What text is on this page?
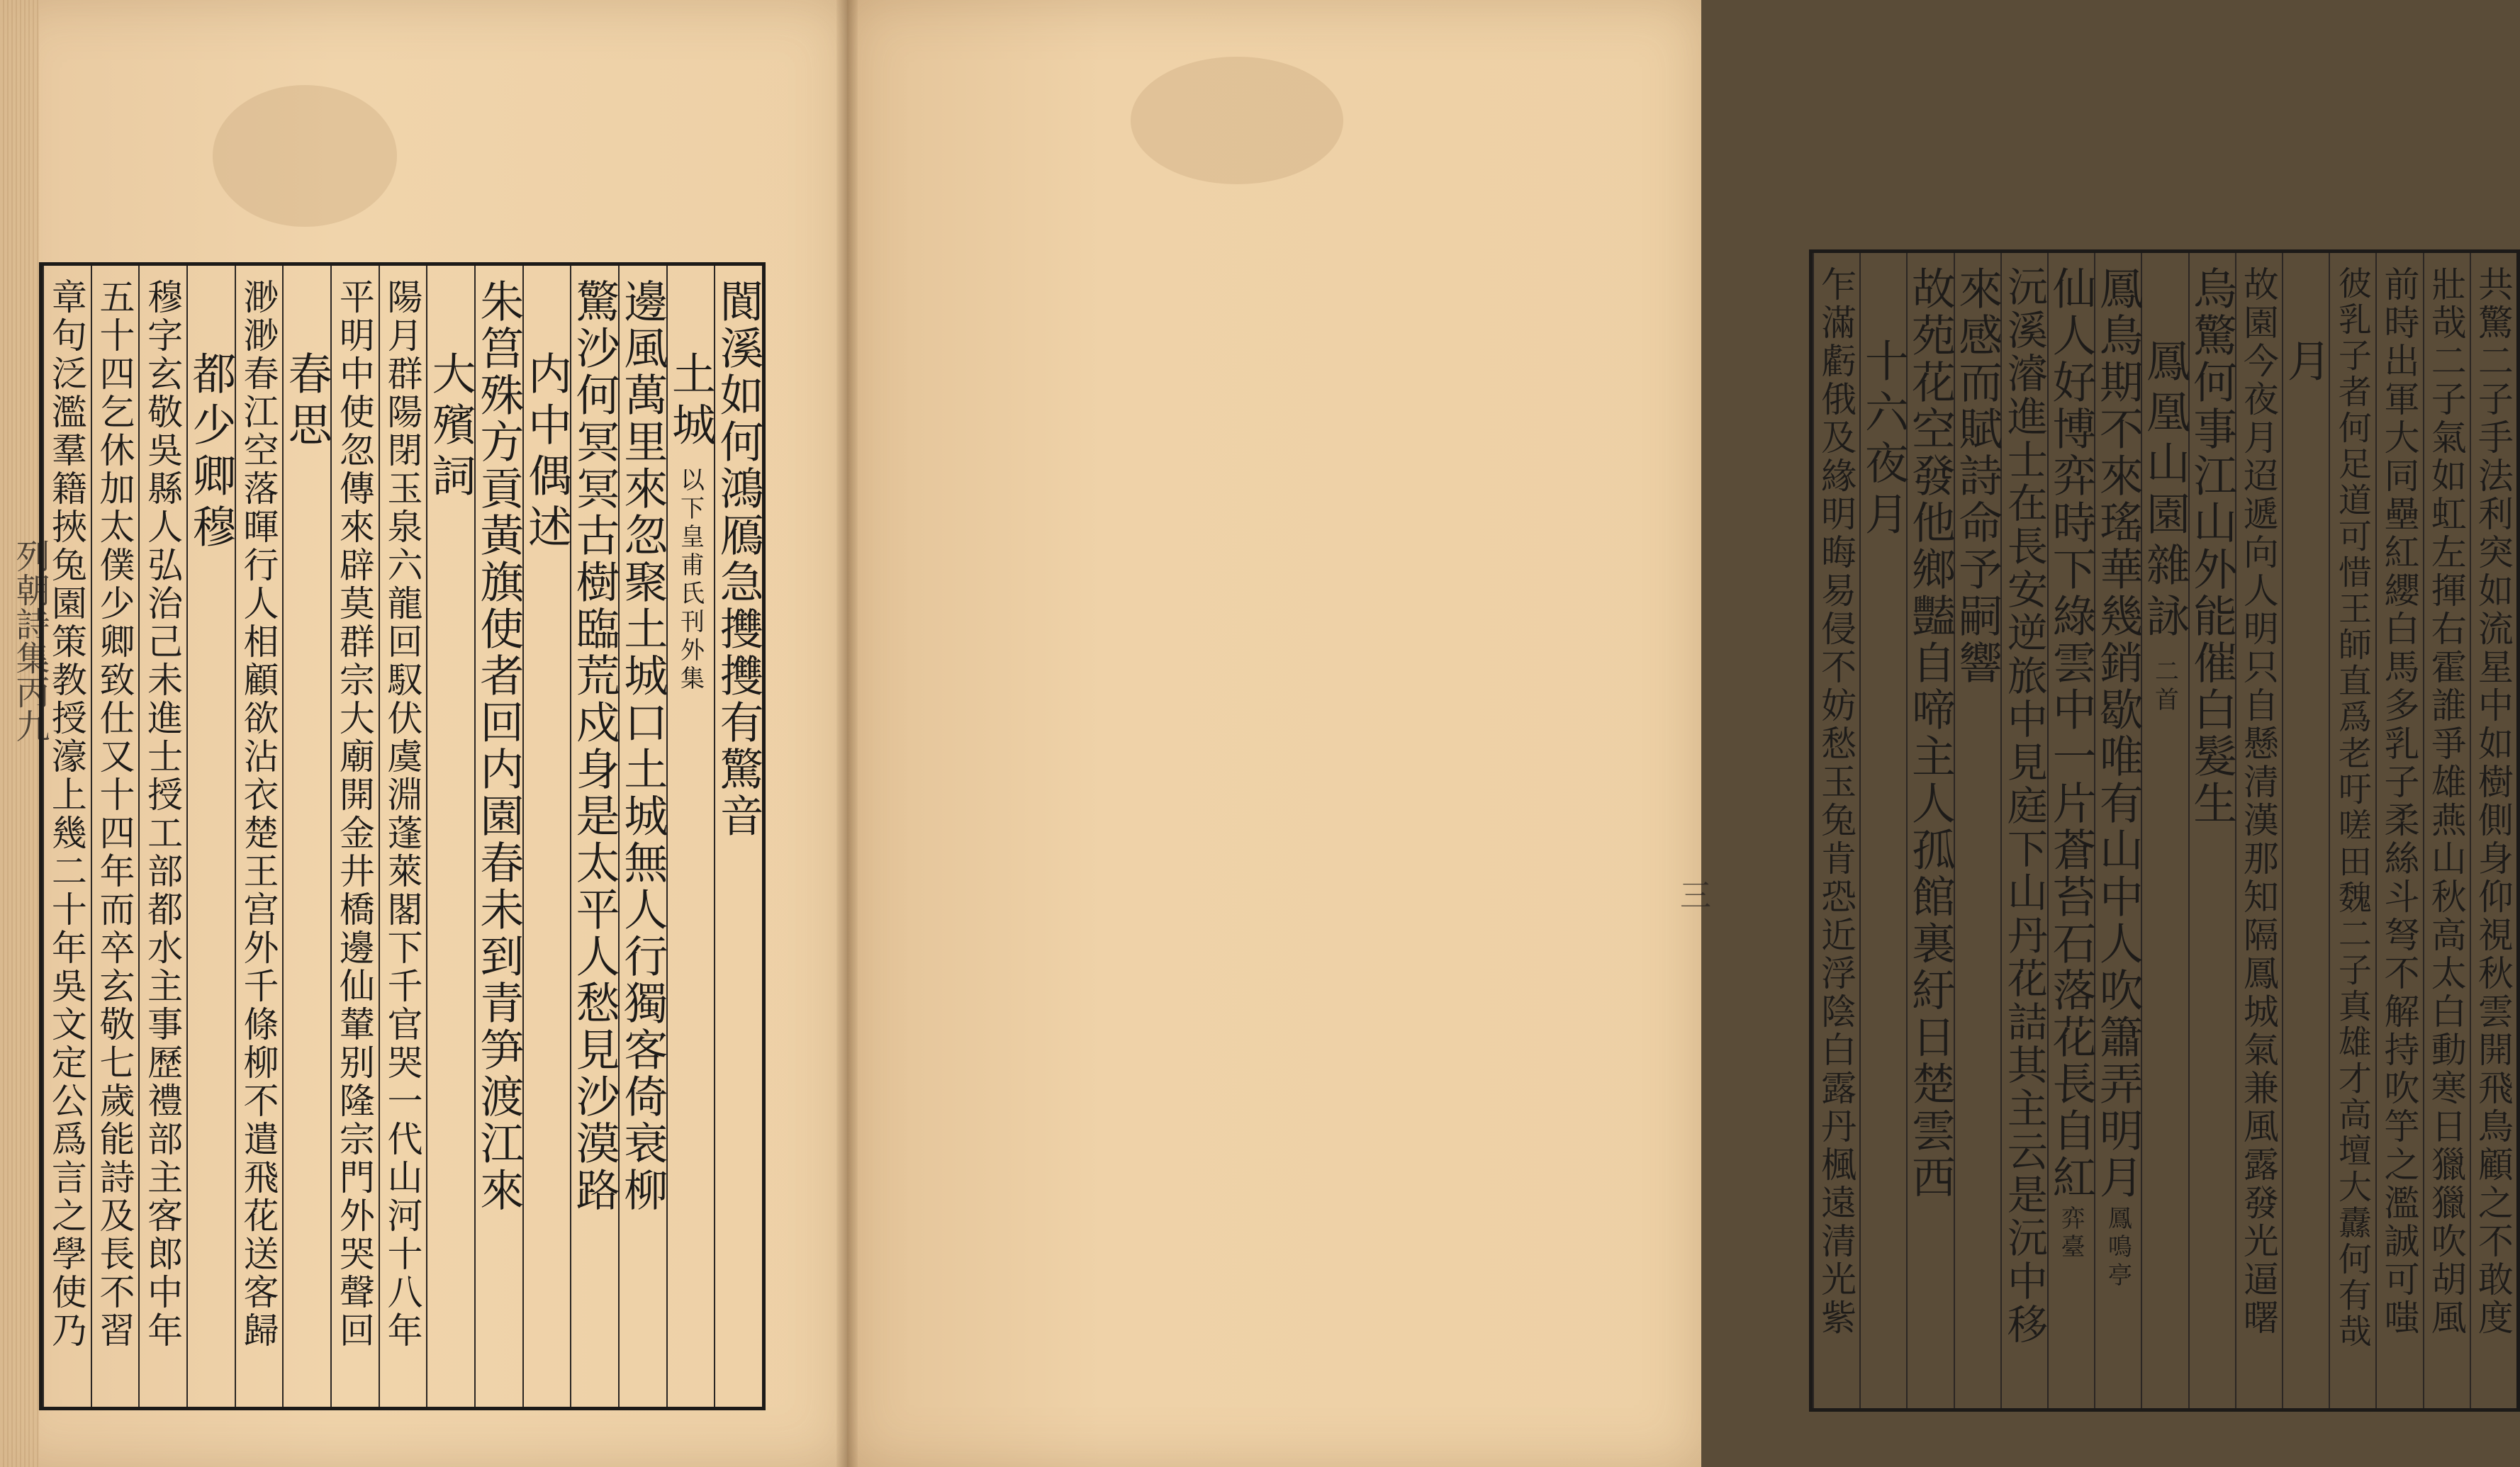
列朝詩集丙九	閬溪如何鴻鴈急㩳㩳有驚音
土城
以下皇甫氏刊外集
邊風萬里來忽聚土城口土城無人行獨客倚衰柳
驚沙何冥冥古樹臨荒戍身是太平人愁見沙漠路
内中偶述
朱筥殊方貢黃旗使者回内園春未到青笋渡江來
大殯詞
陽月群陽閉玉泉六龍回馭伏虞淵蓬萊閣下千官哭一代山河十八年
平明中使忽傳來辟莫群宗大廟開金井橋邊仙輦别隆宗門外哭聲回
春思
渺渺春江空落暉行人相顧欲沾衣楚王宫外千條柳不遣飛花送客歸
都少卿穆
穆字玄敬吳縣人弘治己未進士授工部都水主事歷禮部主客郎中年
五十四乞休加太僕少卿致仕又十四年而卒玄敬七歲能詩及長不習
章句泛濫羣籍挾兔園策教授濠上幾二十年吳文定公爲言之學使乃	三	共驚二子手法利突如流星中如樹側身仰視秋雲開飛鳥顧之不敢度
壯哉二子氣如虹左揮右霍誰爭雄燕山秋高太白動寒日獵獵吹胡風
前時出軍大同壘紅纓白馬多乳子柔絲斗弩不解持吹竽之濫誠可嗤
彼乳子者何足道可惜王師直爲老吁嗟田魏二子真雄才高壇大纛何有哉
月
故園今夜月迢遞向人明只自懸清漢那知隔鳳城氣兼風露發光逼曙
烏驚何事江山外能催白髮生
鳳凰山園雜詠
二首
鳳鳥期不來瑤華幾銷歇唯有山中人吹簫弄明月
鳳鳴亭
仙人好博弈時下綠雲中一片蒼苔石落花長自紅
弈臺
沅溪濬進士在長安逆旅中見庭下山丹花詰其主云是沅中移
來感而賦詩命予嗣響
故苑花空發他鄉豔自啼主人孤館裏紆日楚雲西
十六夜月
乍滿虧俄及緣明晦易侵不妨愁玉兔肯恐近浮陰白露丹楓遠清光紫
